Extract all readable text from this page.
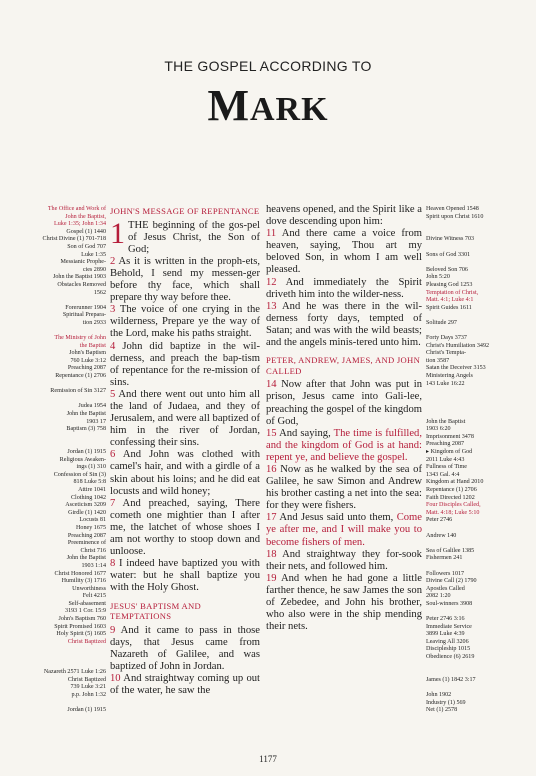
THE GOSPEL ACCORDING TO
MARK
The Office and Work of
John the Baptist,
Luke 1:35; John 1:34
Gospel (1) 1440
Christ Divine (1) 701-718
Son of God 707
Luke 1:35
Messianic Prophe-
cies 2890
John the Baptist 1903
Obstacles Removed
1562
Forerunner 1904
Spiritual Prepara-
tion 2933
The Ministry of John
the Baptist
John's Baptism
760 Luke 3:12
Preaching 2087
Repentance (1) 2706
Remission of Sin 3127
Judea 1954
John the Baptist
1903 17
Baptism (3) 758
Jordan (1) 1915
Religious Awaken-
ings (1) 310
Confession of Sin (3)
818 Luke 5:8
Attire 1041
Clothing 1042
Asceticism 3209
Girdle (1) 1420
Locusts 81
Honey 1675
Preaching 2087
Preeminence of
Christ 716
John the Baptist
1903 1:14
Christ Honored 1677
Humility (3) 1716
Unworthiness
Felt 4215
Self-abasement
3193 1 Cor. 15:9
John's Baptism 760
Spirit Promised 1603
Holy Spirit (5) 1605
Christ Baptized
Nazareth 2571 Luke 1:26
Christ Baptized
739 Luke 3:21
p.p. John 1:32
Jordan (1) 1915
JOHN'S MESSAGE OF REPENTANCE

1 THE beginning of the gos-pel of Jesus Christ, the Son of God;

2 As it is written in the proph-ets, Behold, I send my messen-ger before thy face, which shall prepare thy way before thee.

3 The voice of one crying in the wilderness, Prepare ye the way of the Lord, make his paths straight.

4 John did baptize in the wil-derness, and preach the bap-tism of repentance for the re-mission of sins.

5 And there went out unto him all the land of Judaea, and they of Jerusalem, and were all baptized of him in the river of Jordan, confessing their sins.

6 And John was clothed with camel's hair, and with a girdle of a skin about his loins; and he did eat locusts and wild honey;

7 And preached, saying, There cometh one mightier than I after me, the latchet of whose shoes I am not worthy to stoop down and unloose.

8 I indeed have baptized you with water: but he shall baptize you with the Holy Ghost.

JESUS' BAPTISM AND TEMPTATIONS

9 And it came to pass in those days, that Jesus came from Nazareth of Galilee, and was baptized of John in Jordan.

10 And straightway coming up out of the water, he saw the

heavens opened, and the Spirit like a dove descending upon him:

11 And there came a voice from heaven, saying, Thou art my beloved Son, in whom I am well pleased.

12 And immediately the Spirit driveth him into the wilder-ness.

13 And he was there in the wil-derness forty days, tempted of Satan; and was with the wild beasts; and the angels minis-tered unto him.

PETER, ANDREW, JAMES, AND JOHN CALLED

14 Now after that John was put in prison, Jesus came into Gali-lee, preaching the gospel of the kingdom of God,

15 And saying, The time is fulfilled, and the kingdom of God is at hand: repent ye, and believe the gospel.

16 Now as he walked by the sea of Galilee, he saw Simon and Andrew his brother casting a net into the sea: for they were fishers.

17 And Jesus said unto them, Come ye after me, and I will make you to become fishers of men.

18 And straightway they for-sook their nets, and followed him.

19 And when he had gone a little farther thence, he saw James the son of Zebedee, and John his brother, who also were in the ship mending their nets.

Heaven Opened 1548
Spirit upon Christ 1610
Divine Witness 703
Sons of God 3301
Beloved Son 706
John 5:20
Pleasing God 1253
Temptation of Christ,
Matt. 4:1; Luke 4:1
Spirit Guides 1611
Solitude 297
Forty Days 3737
Christ's Humiliation 3492
Christ's Tempta-
tion 3587
Satan the Deceiver 3153
Ministering Angels
143 Luke 16:22
John the Baptist
1903 6:20
Imprisonment 3478
Preaching 2087
▸ Kingdom of God
2011 Luke 4:43
Fullness of Time
1343 Gal. 4:4
Kingdom at Hand 2010
Repentance (1) 2706
Faith Directed 1202
Four Disciples Called,
Matt. 4:18; Luke 5:10
Peter 2746
Andrew 140
Sea of Galilee 1385
Fishermen 241
Followers 1017
Divine Call (2) 1790
Apostles Called
2082 1:20
Soul-winners 3908
Peter 2746 3:16
Immediate Service
3899 Luke 4:39
Leaving All 3206
Discipleship 1015
Obedience (6) 2619
James (1) 1842 3:17
John 1902
Industry (1) 569
Net (1) 2578
1177
